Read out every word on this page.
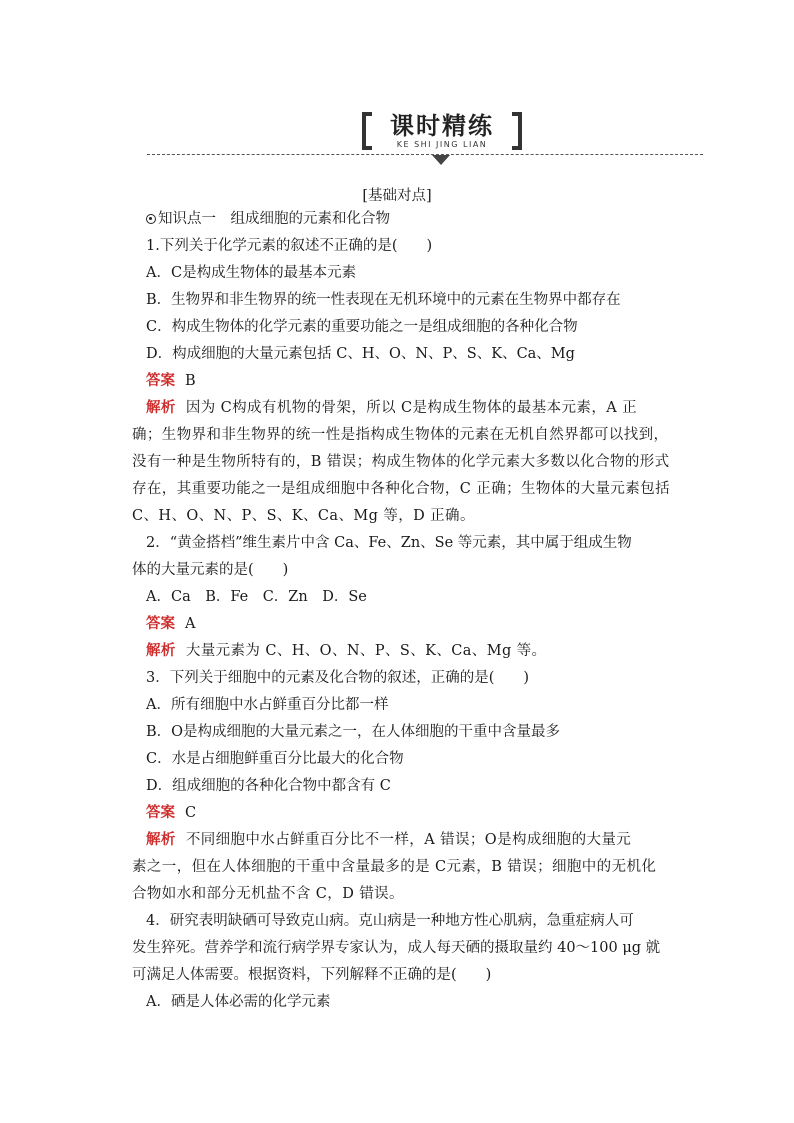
课时精练
KE SHI JING LIAN
[基础对点]
知识点一　组成细胞的元素和化合物
1.下列关于化学元素的叙述不正确的是(　　)
A．C是构成生物体的最基本元素
B．生物界和非生物界的统一性表现在无机环境中的元素在生物界中都存在
C．构成生物体的化学元素的重要功能之一是组成细胞的各种化合物
D．构成细胞的大量元素包括 C、H、O、N、P、S、K、Ca、Mg
答案 B
解析 因为 C构成有机物的骨架，所以 C是构成生物体的最基本元素，A 正
确；生物界和非生物界的统一性是指构成生物体的元素在无机自然界都可以找到，
没有一种是生物所特有的，B 错误；构成生物体的化学元素大多数以化合物的形式
存在，其重要功能之一是组成细胞中各种化合物，C 正确；生物体的大量元素包括
C、H、O、N、P、S、K、Ca、Mg 等，D 正确。
2．“黄金搭档”维生素片中含 Ca、Fe、Zn、Se 等元素，其中属于组成生物
体的大量元素的是(　　)
A．Ca　B．Fe　C．Zn　D．Se
答案 A
解析 大量元素为 C、H、O、N、P、S、K、Ca、Mg 等。
3．下列关于细胞中的元素及化合物的叙述，正确的是(　　)
A．所有细胞中水占鲜重百分比都一样
B．O是构成细胞的大量元素之一，在人体细胞的干重中含量最多
C．水是占细胞鲜重百分比最大的化合物
D．组成细胞的各种化合物中都含有 C
答案 C
解析 不同细胞中水占鲜重百分比不一样，A 错误；O是构成细胞的大量元
素之一，但在人体细胞的干重中含量最多的是 C元素，B 错误；细胞中的无机化
合物如水和部分无机盐不含 C，D 错误。
4．研究表明缺硒可导致克山病。克山病是一种地方性心肌病，急重症病人可
发生猝死。营养学和流行病学界专家认为，成人每天硒的摄取量约 40～100 μg 就
可满足人体需要。根据资料，下列解释不正确的是(　　)
A．硒是人体必需的化学元素
